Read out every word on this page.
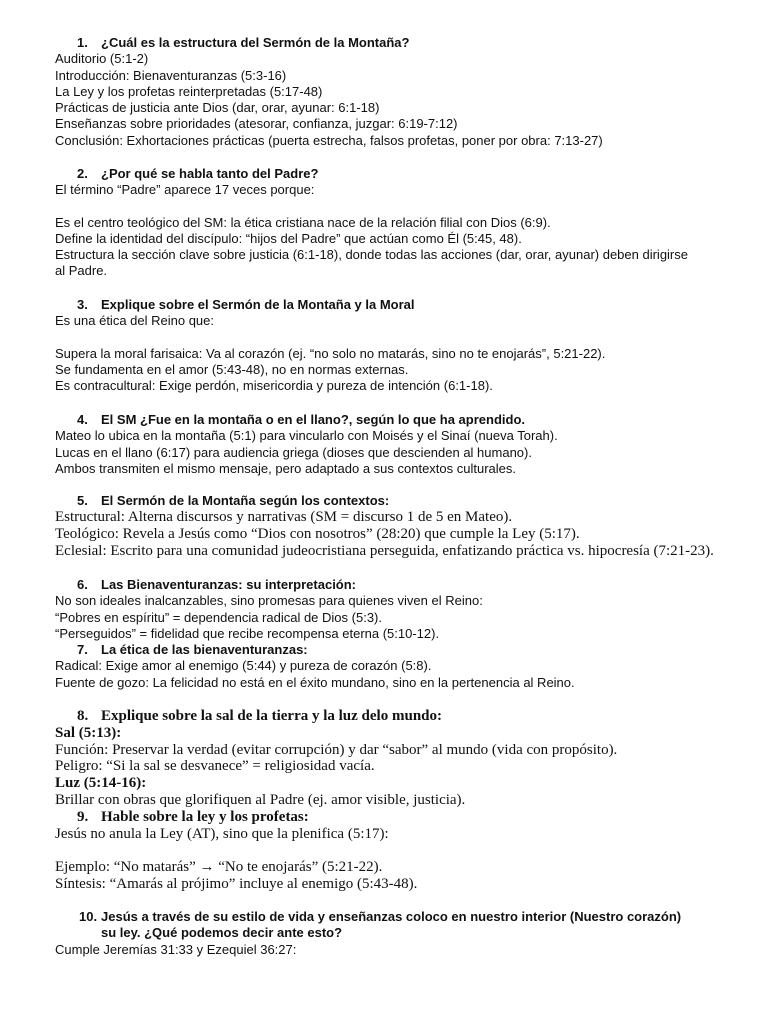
1. ¿Cuál es la estructura del Sermón de la Montaña?
Auditorio (5:1-2)
Introducción: Bienaventuranzas (5:3-16)
La Ley y los profetas reinterpretadas (5:17-48)
Prácticas de justicia ante Dios (dar, orar, ayunar: 6:1-18)
Enseñanzas sobre prioridades (atesorar, confianza, juzgar: 6:19-7:12)
Conclusión: Exhortaciones prácticas (puerta estrecha, falsos profetas, poner por obra: 7:13-27)
2. ¿Por qué se habla tanto del Padre?
El término “Padre” aparece 17 veces porque:
Es el centro teológico del SM: la ética cristiana nace de la relación filial con Dios (6:9).
Define la identidad del discípulo: “hijos del Padre” que actúan como Él (5:45, 48).
Estructura la sección clave sobre justicia (6:1-18), donde todas las acciones (dar, orar, ayunar) deben dirigirse al Padre.
3. Explique sobre el Sermón de la Montaña y la Moral
Es una ética del Reino que:
Supera la moral farisaica: Va al corazón (ej. “no solo no matarás, sino no te enojarás”, 5:21-22).
Se fundamenta en el amor (5:43-48), no en normas externas.
Es contracultural: Exige perdón, misericordia y pureza de intención (6:1-18).
4. El SM ¿Fue en la montaña o en el llano?, según lo que ha aprendido.
Mateo lo ubica en la montaña (5:1) para vincularlo con Moisés y el Sinaí (nueva Torah).
Lucas en el llano (6:17) para audiencia griega (dioses que descienden al humano).
Ambos transmiten el mismo mensaje, pero adaptado a sus contextos culturales.
5. El Sermón de la Montaña según los contextos:
Estructural: Alterna discursos y narrativas (SM = discurso 1 de 5 en Mateo).
Teológico: Revela a Jesús como “Dios con nosotros” (28:20) que cumple la Ley (5:17).
Eclesial: Escrito para una comunidad judeocristiana perseguida, enfatizando práctica vs. hipocresía (7:21-23).
6. Las Bienaventuranzas: su interpretación:
No son ideales inalcanzables, sino promesas para quienes viven el Reino:
“Pobres en espíritu” = dependencia radical de Dios (5:3).
“Perseguidos” = fidelidad que recibe recompensa eterna (5:10-12).
7. La ética de las bienaventuranzas:
Radical: Exige amor al enemigo (5:44) y pureza de corazón (5:8).
Fuente de gozo: La felicidad no está en el éxito mundano, sino en la pertenencia al Reino.
8. Explique sobre la sal de la tierra y la luz delo mundo:
Sal (5:13):
Función: Preservar la verdad (evitar corrupción) y dar “sabor” al mundo (vida con propósito).
Peligro: “Si la sal se desvanece” = religiosidad vacía.
Luz (5:14-16):
Brillar con obras que glorifiquen al Padre (ej. amor visible, justicia).
9. Hable sobre la ley y los profetas:
Jesús no anula la Ley (AT), sino que la plenifica (5:17):
Ejemplo: “No matarás” → “No te enojarás” (5:21-22).
Síntesis: “Amarás al prójimo” incluye al enemigo (5:43-48).
10. Jesús a través de su estilo de vida y enseñanzas coloco en nuestro interior (Nuestro corazón)
su ley. ¿Qué podemos decir ante esto?
Cumple Jeremías 31:33 y Ezequiel 36:27:
